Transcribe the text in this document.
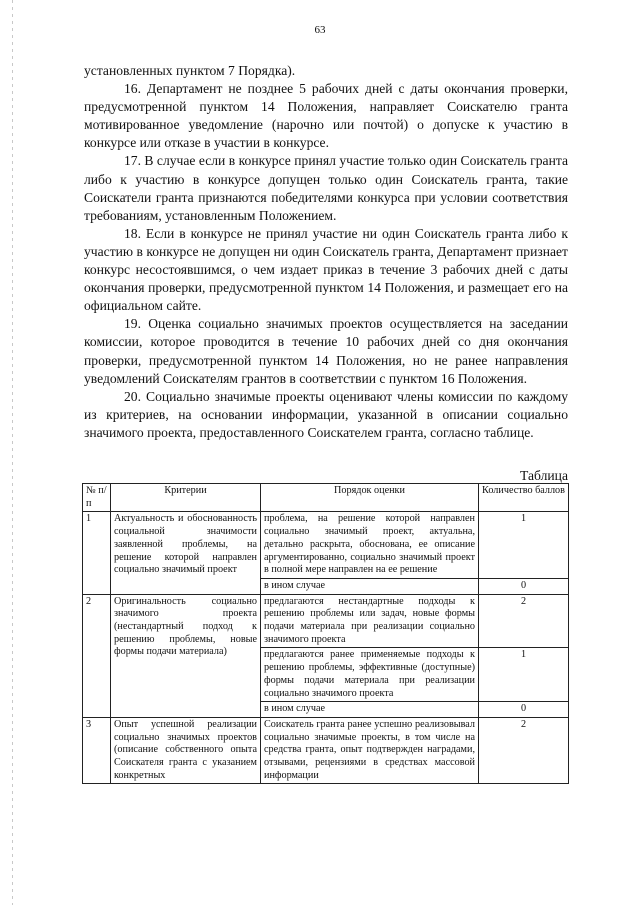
63

установленных пунктом 7 Порядка).

16. Департамент не позднее 5 рабочих дней с даты окончания проверки, предусмотренной пунктом 14 Положения, направляет Соискателю гранта мотивированное уведомление (нарочно или почтой) о допуске к участию в конкурсе или отказе в участии в конкурсе.

17. В случае если в конкурсе принял участие только один Соискатель гранта либо к участию в конкурсе допущен только один Соискатель гранта, такие Соискатели гранта признаются победителями конкурса при условии соответствия требованиям, установленным Положением.

18. Если в конкурсе не принял участие ни один Соискатель гранта либо к участию в конкурсе не допущен ни один Соискатель гранта, Департамент признает конкурс несостоявшимся, о чем издает приказ в течение 3 рабочих дней с даты окончания проверки, предусмотренной пунктом 14 Положения, и размещает его на официальном сайте.

19. Оценка социально значимых проектов осуществляется на заседании комиссии, которое проводится в течение 10 рабочих дней со дня окончания проверки, предусмотренной пунктом 14 Положения, но не ранее направления уведомлений Соискателям грантов в соответствии с пунктом 16 Положения.

20. Социально значимые проекты оценивают члены комиссии по каждому из критериев, на основании информации, указанной в описании социально значимого проекта, предоставленного Соискателем гранта, согласно таблице.

Таблица
№ п/п	Критерии	Порядок оценки	Количество баллов
1	Актуальность и обоснованность социальной значимости заявленной проблемы, на решение которой направлен социально значимый проект	проблема, на решение которой направлен социально значимый проект, актуальна, детально раскрыта, обоснована, ее описание аргументированно, социально значимый проект в полной мере направлен на ее решение	1
		в ином случае	0
2	Оригинальность социально значимого проекта (нестандартный подход к решению проблемы, новые формы подачи материала)	предлагаются нестандартные подходы к решению проблемы или задач, новые формы подачи материала при реализации социально значимого проекта	2
		предлагаются ранее применяемые подходы к решению проблемы, эффективные (доступные) формы подачи материала при реализации социально значимого проекта	1
		в ином случае	0
3	Опыт успешной реализации социально значимых проектов (описание собственного опыта Соискателя гранта с указанием конкретных	Соискатель гранта ранее успешно реализовывал социально значимые проекты, в том числе на средства гранта, опыт подтвержден наградами, отзывами, рецензиями в средствах массовой информации	2
